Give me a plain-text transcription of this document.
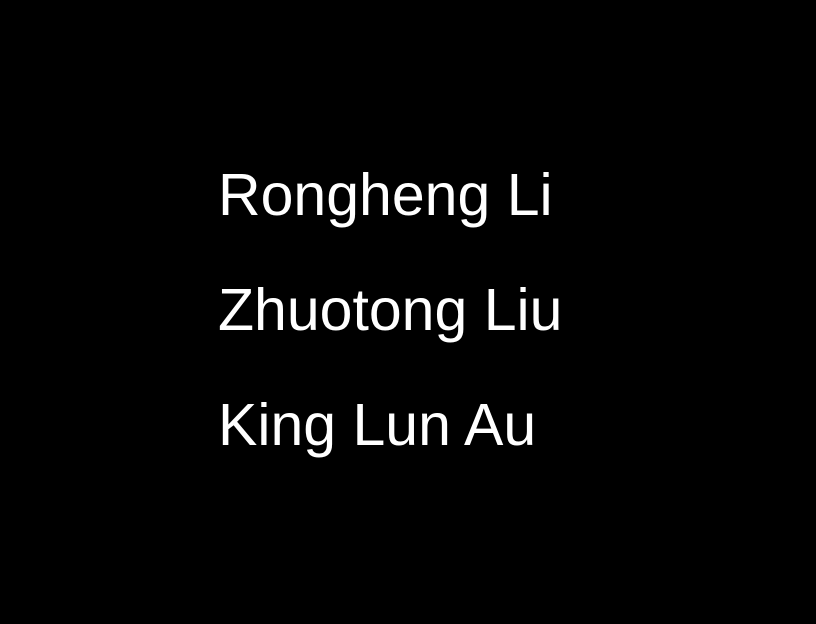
Rongheng Li
Zhuotong Liu
King Lun Au
